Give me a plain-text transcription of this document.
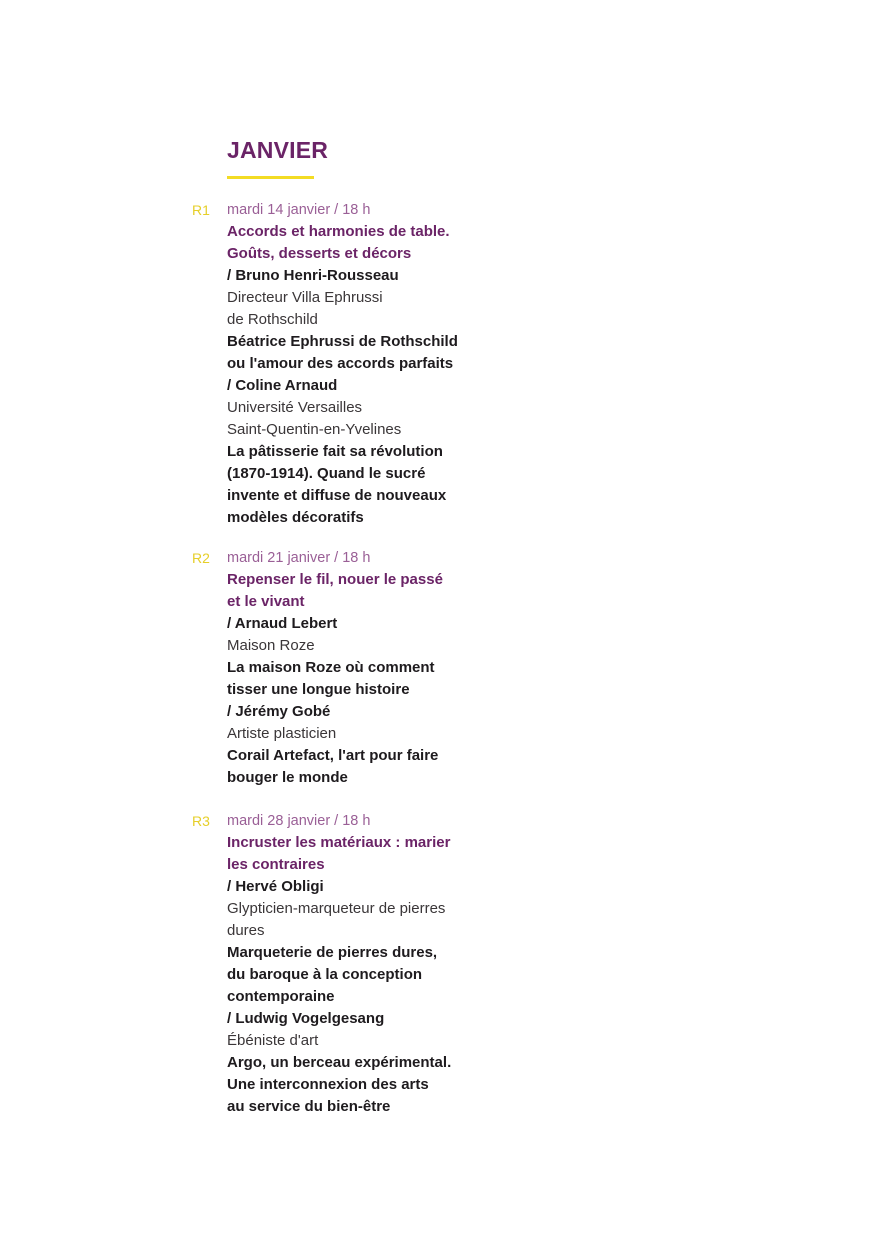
JANVIER
R1 mardi 14 janvier / 18 h
Accords et harmonies de table.
Goûts, desserts et décors
/ Bruno Henri-Rousseau
Directeur Villa Ephrussi
de Rothschild
Béatrice Ephrussi de Rothschild
ou l'amour des accords parfaits
/ Coline Arnaud
Université Versailles
Saint-Quentin-en-Yvelines
La pâtisserie fait sa révolution
(1870-1914). Quand le sucré
invente et diffuse de nouveaux
modèles décoratifs
R2 mardi 21 janiver / 18 h
Repenser le fil, nouer le passé
et le vivant
/ Arnaud Lebert
Maison Roze
La maison Roze où comment
tisser une longue histoire
/ Jérémy Gobé
Artiste plasticien
Corail Artefact, l'art pour faire
bouger le monde
R3 mardi 28 janvier / 18 h
Incruster les matériaux : marier
les contraires
/ Hervé Obligi
Glypticien-marqueteur de pierres
dures
Marqueterie de pierres dures,
du baroque à la conception
contemporaine
/ Ludwig Vogelgesang
Ébéniste d'art
Argo, un berceau expérimental.
Une interconnexion des arts
au service du bien-être
